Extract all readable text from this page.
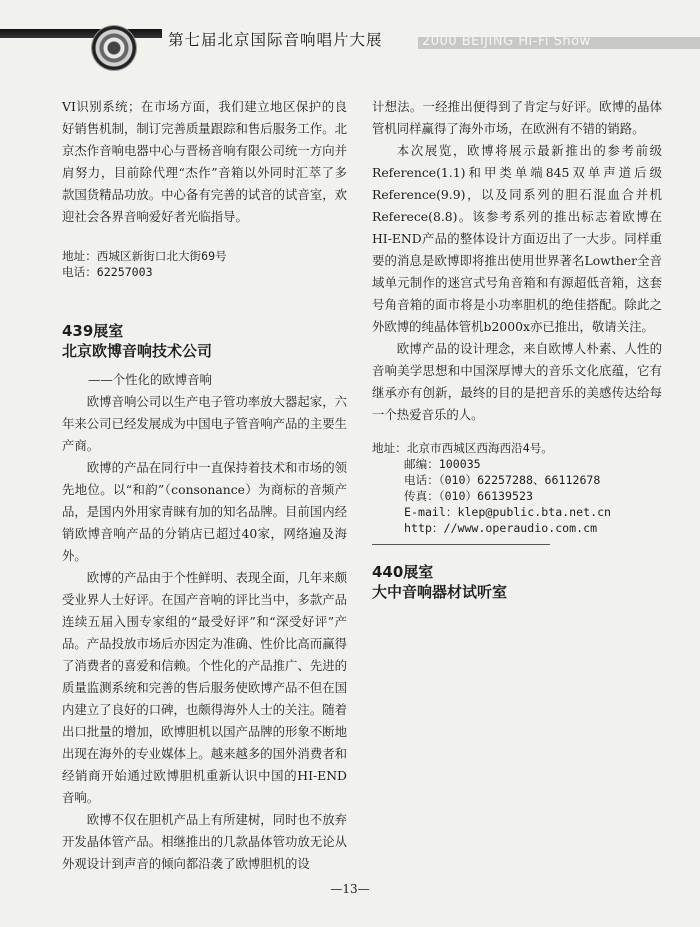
第七届北京国际音响唱片大展	2000 BEIJING Hi-Fi Show

VI识别系统；在市场方面，我们建立地区保护的良好销售机制，制订完善质量跟踪和售后服务工作。北京杰作音响电器中心与晋杨音响有限公司统一方向并肩努力，目前除代理“杰作”音箱以外同时汇萃了多款国货精品功放。中心备有完善的试音的试音室，欢迎社会各界音响爱好者光临指导。

地址：西城区新街口北大街69号

电话：62257003

439展室

北京欧博音响技术公司

——个性化的欧博音响

欧博音响公司以生产电子管功率放大器起家，六年来公司已经发展成为中国电子管音响产品的主要生产商。

欧博的产品在同行中一直保持着技术和市场的领先地位。以“和韵”（consonance）为商标的音频产品，是国内外用家青睐有加的知名品牌。目前国内经销欧博音响产品的分销店已超过40家，网络遍及海外。

欧博的产品由于个性鲜明、表现全面，几年来颇受业界人士好评。在国产音响的评比当中，多款产品连续五届入围专家组的“最受好评”和“深受好评”产品。产品投放市场后亦因定为准确、性价比高而赢得了消费者的喜爱和信赖。个性化的产品推广、先进的质量监测系统和完善的售后服务使欧博产品不但在国内建立了良好的口碑，也颇得海外人士的关注。随着出口批量的增加，欧博胆机以国产品牌的形象不断地出现在海外的专业媒体上。越来越多的国外消费者和经销商开始通过欧博胆机重新认识中国的HI-END音响。

欧博不仅在胆机产品上有所建树，同时也不放弃开发晶体管产品。相继推出的几款晶体管功放无论从外观设计到声音的倾向都沿袭了欧博胆机的设

计想法。一经推出便得到了肯定与好评。欧博的晶体管机同样赢得了海外市场，在欧洲有不错的销路。

本次展览，欧博将展示最新推出的参考前级Reference(1.1)和甲类单端845双单声道后级Reference(9.9)，以及同系列的胆石混血合并机Referece(8.8)。该参考系列的推出标志着欧博在HI-END产品的整体设计方面迈出了一大步。同样重要的消息是欧博即将推出使用世界著名Lowther全音域单元制作的迷宫式号角音箱和有源超低音箱，这套号角音箱的面市将是小功率胆机的绝佳搭配。除此之外欧博的纯晶体管机b2000x亦已推出，敬请关注。

欧博产品的设计理念，来自欧博人朴素、人性的音响美学思想和中国深厚博大的音乐文化底蕴，它有继承亦有创新，最终的目的是把音乐的美感传达给每一个热爱音乐的人。

地址：北京市西城区西海西沿4号。

邮编：100035

电话：（010）62257288、66112678

传真：（010）66139523

E-mail：klep@public.bta.net.cn

http：//www.operaudio.com.cm

440展室

大中音响器材试听室

—13—
